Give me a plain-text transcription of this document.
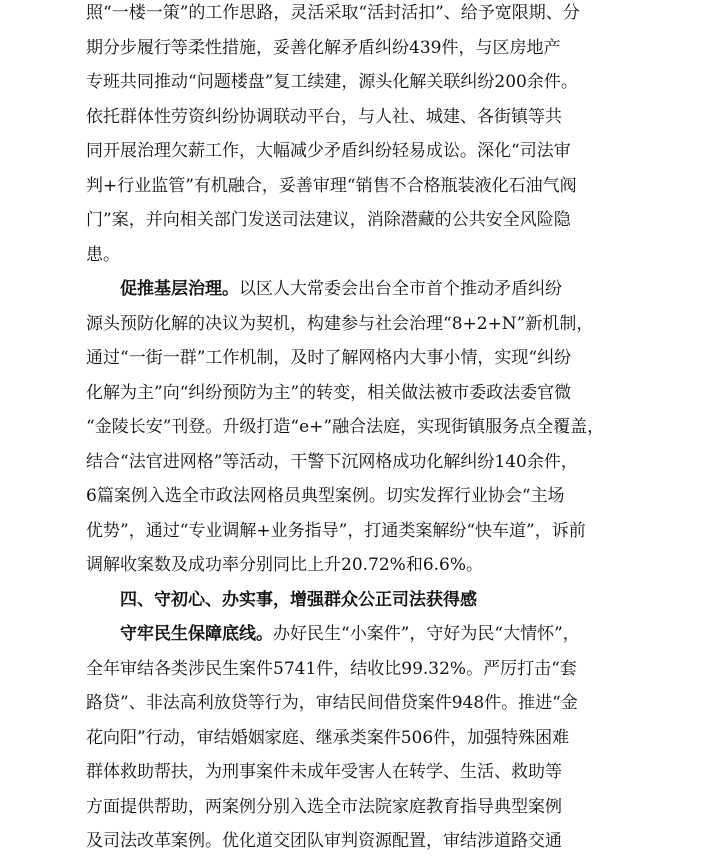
照“一楼一策”的工作思路，灵活采取“活封活扣”、给予宽限期、分
期分步履行等柔性措施，妥善化解矛盾纠纷439件，与区房地产
专班共同推动“问题楼盘”复工续建，源头化解关联纠纷200余件。
依托群体性劳资纠纷协调联动平台，与人社、城建、各街镇等共
同开展治理欠薪工作，大幅减少矛盾纠纷轻易成讼。深化“司法审
判+行业监管”有机融合，妥善审理“销售不合格瓶装液化石油气阀
门”案，并向相关部门发送司法建议，消除潜藏的公共安全风险隐
患。
　　促推基层治理。以区人大常委会出台全市首个推动矛盾纠纷
源头预防化解的决议为契机，构建参与社会治理“8+2+N”新机制，
通过“一街一群”工作机制，及时了解网格内大事小情，实现“纠纷
化解为主”向“纠纷预防为主”的转变，相关做法被市委政法委官微
“金陵长安”刊登。升级打造“e+”融合法庭，实现街镇服务点全覆盖，
结合“法官进网格”等活动，干警下沉网格成功化解纠纷140余件，
6篇案例入选全市政法网格员典型案例。切实发挥行业协会“主场
优势”，通过“专业调解+业务指导”，打通类案解纷“快车道”，诉前
调解收案数及成功率分别同比上升20.72%和6.6%。
　　四、守初心、办实事，增强群众公正司法获得感
　　守牢民生保障底线。办好民生“小案件”，守好为民“大情怀”，
全年审结各类涉民生案件5741件，结收比99.32%。严厉打击“套
路贷”、非法高利放贷等行为，审结民间借贷案件948件。推进“金
花向阳”行动，审结婚姻家庭、继承类案件506件，加强特殊困难
群体救助帮扶，为刑事案件未成年受害人在转学、生活、救助等
方面提供帮助，两案例分别入选全市法院家庭教育指导典型案例
及司法改革案例。优化道交团队审判资源配置，审结涉道路交通
